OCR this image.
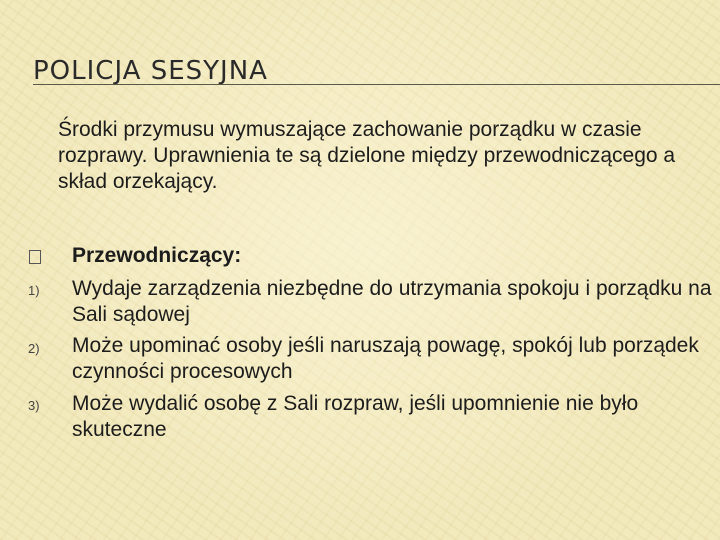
POLICJA SESYJNA
Środki przymusu wymuszające zachowanie porządku w czasie rozprawy. Uprawnienia te są dzielone między przewodniczącego a skład orzekający.
Przewodniczący:
1) Wydaje zarządzenia niezbędne do utrzymania spokoju i porządku na Sali sądowej
2) Może upominać osoby jeśli naruszają powagę, spokój lub porządek czynności procesowych
3) Może wydalić osobę z Sali rozpraw, jeśli upomnienie nie było skuteczne
